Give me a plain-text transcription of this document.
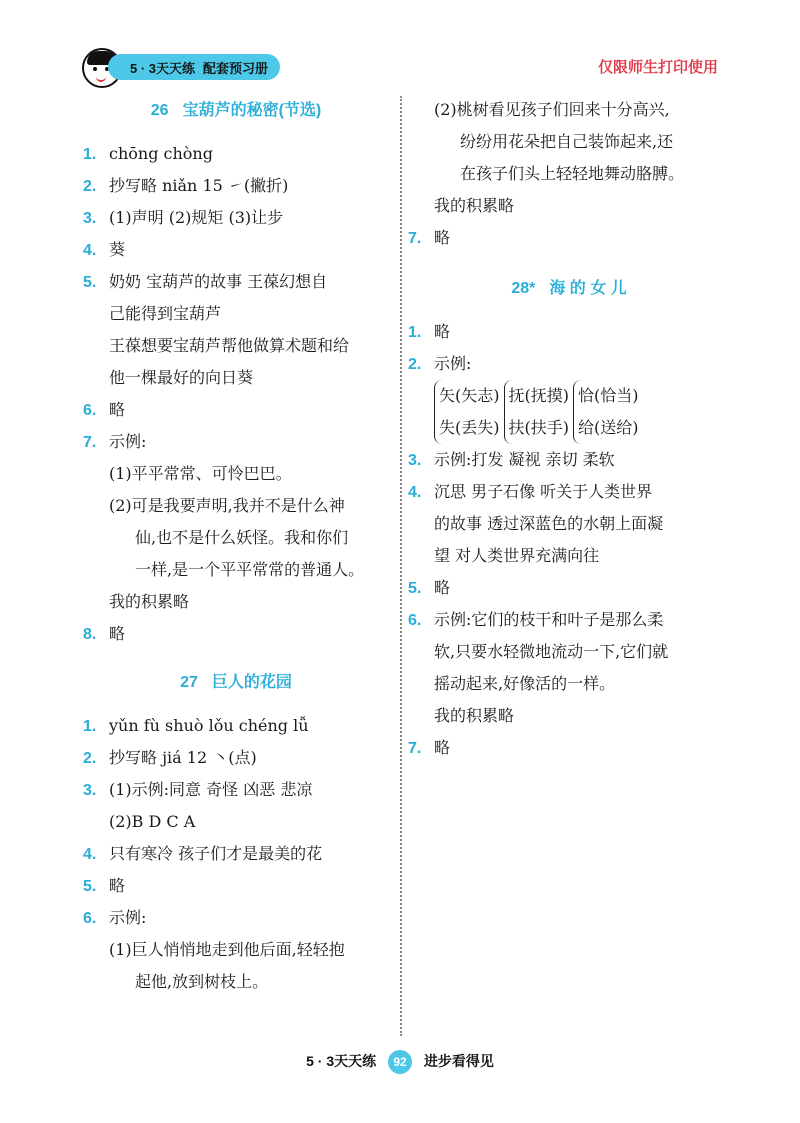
5 · 3天天练 配套预习册	仅限师生打印使用
26 宝葫芦的秘密(节选)
1. chōng chòng
2. 抄写略 niǎn 15 ㇀(撇折)
3. (1)声明 (2)规矩 (3)让步
4. 葵
5. 奶奶 宝葫芦的故事 王葆幻想自
己能得到宝葫芦
王葆想要宝葫芦帮他做算术题和给
他一棵最好的向日葵
6. 略
7. 示例:
(1)平平常常、可怜巴巴。
(2)可是我要声明,我并不是什么神
仙,也不是什么妖怪。我和你们
一样,是一个平平常常的普通人。
我的积累略
8. 略
27 巨人的花园
1. yǔn fù shuò lǒu chéng lǚ
2. 抄写略 jiá 12 ㇔(点)
3. (1)示例:同意 奇怪 凶恶 悲凉
(2)B D C A
4. 只有寒冷 孩子们才是最美的花
5. 略
6. 示例:
(1)巨人悄悄地走到他后面,轻轻抱
起他,放到树枝上。
(2)桃树看见孩子们回来十分高兴,
纷纷用花朵把自己装饰起来,还
在孩子们头上轻轻地舞动胳膊。
我的积累略
7. 略
28* 海 的 女 儿
1. 略
2. 示例:
矢(矢志)
失(丢失)
抚(抚摸)
扶(扶手)
恰(恰当)
给(送给)
3. 示例:打发 凝视 亲切 柔软
4. 沉思 男子石像 听关于人类世界
的故事 透过深蓝色的水朝上面凝
望 对人类世界充满向往
5. 略
6. 示例:它们的枝干和叶子是那么柔
软,只要水轻微地流动一下,它们就
摇动起来,好像活的一样。
我的积累略
7. 略
5 · 3天天练 92 进步看得见
